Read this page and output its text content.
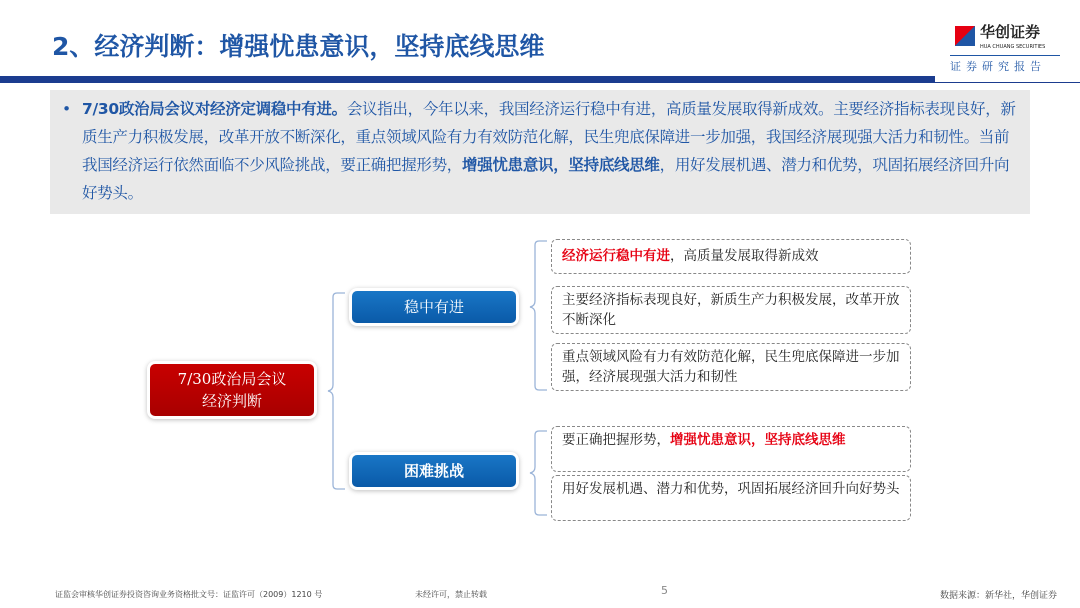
2、经济判断：增强忧患意识，坚持底线思维	华创证券
HUA CHUANG SECURITIES
证券研究报告
• 7/30政治局会议对经济定调稳中有进。会议指出，今年以来，我国经济运行稳中有进，高质量发展取得新成效。主要经济指标表现良好，新质生产力积极发展，改革开放不断深化，重点领域风险有力有效防范化解，民生兜底保障进一步加强，我国经济展现强大活力和韧性。当前我国经济运行依然面临不少风险挑战，要正确把握形势，增强忧患意识，坚持底线思维，用好发展机遇、潜力和优势，巩固拓展经济回升向好势头。
7/30政治局会议
经济判断
稳中有进
困难挑战
经济运行稳中有进，高质量发展取得新成效
主要经济指标表现良好，新质生产力积极发展，改革开放不断深化
重点领域风险有力有效防范化解，民生兜底保障进一步加强，经济展现强大活力和韧性
要正确把握形势，增强忧患意识，坚持底线思维
用好发展机遇、潜力和优势，巩固拓展经济回升向好势头
证监会审核华创证券投资咨询业务资格批文号：证监许可（2009）1210 号	未经许可，禁止转载	5	数据来源：新华社，华创证券
